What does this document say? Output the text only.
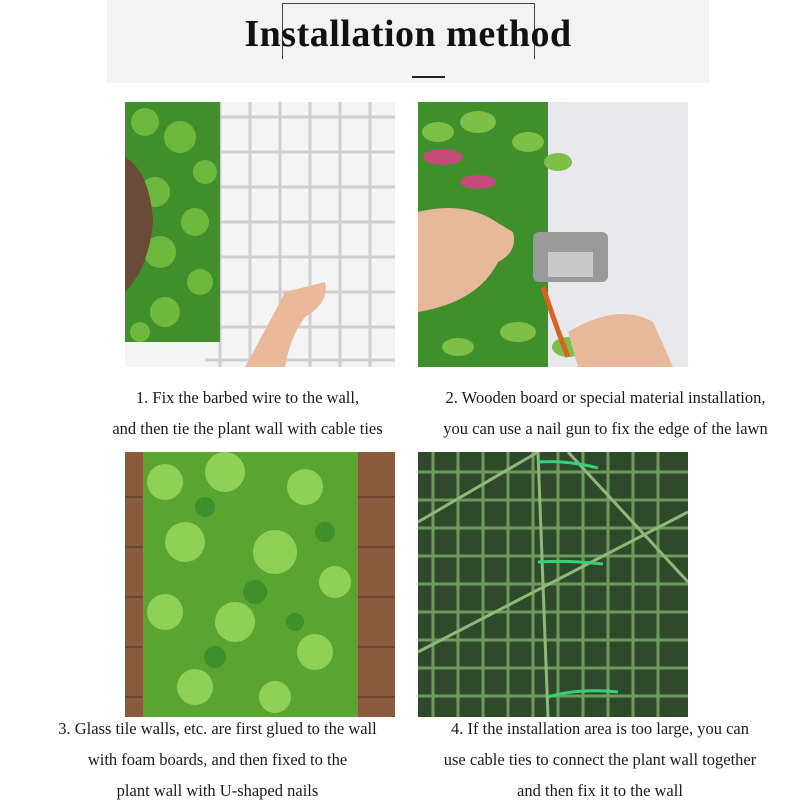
Installation method
1. Fix the barbed wire to the wall,
and then tie the plant wall with cable ties
2. Wooden board or special material installation,
you can use a nail gun to fix the edge of the lawn
3. Glass tile walls, etc. are first glued to the wall
with foam boards, and then fixed to the
plant wall with U-shaped nails
4. If the installation area is too large, you can
use cable ties to connect the plant wall together
and then fix it to the wall
